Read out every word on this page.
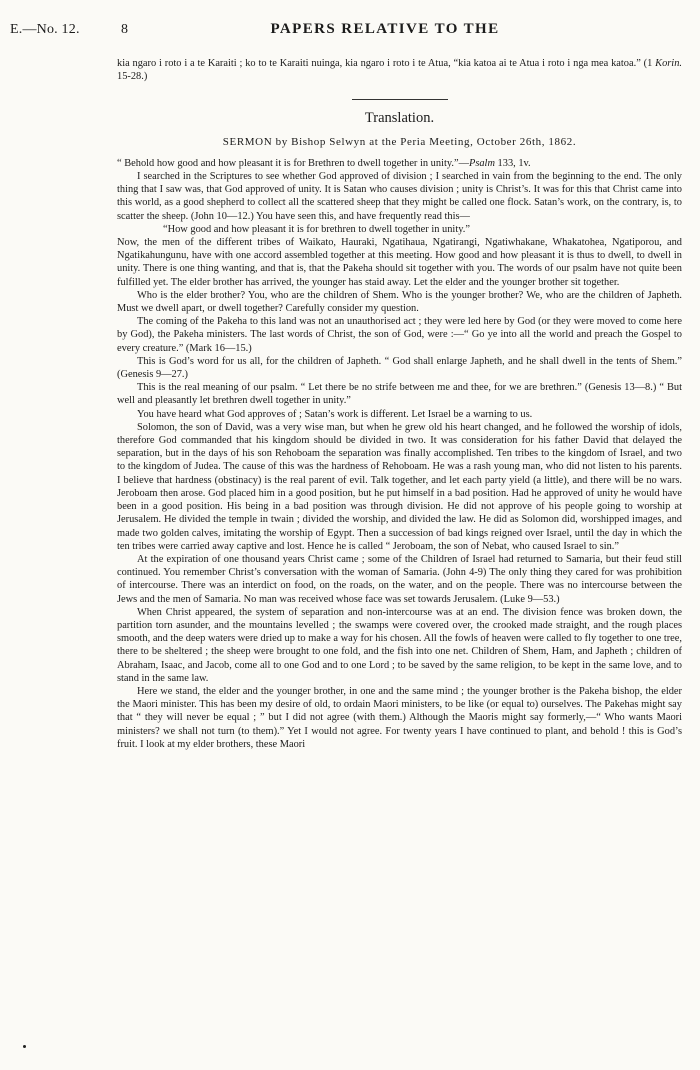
E.—No. 12.	8	PAPERS RELATIVE TO THE

kia ngaro i roto i a te Karaiti ; ko to te Karaiti nuinga, kia ngaro i roto i te Atua, “kia katoa ai te Atua i roto i nga mea katoa.” (1 Korin. 15-28.)

Translation.

SERMON by Bishop Selwyn at the Peria Meeting, October 26th, 1862.

“ Behold how good and how pleasant it is for Brethren to dwell together in unity.”—Psalm 133, 1v.

I searched in the Scriptures to see whether God approved of division ; I searched in vain from the beginning to the end. The only thing that I saw was, that God approved of unity. It is Satan who causes division ; unity is Christ’s. It was for this that Christ came into this world, as a good shepherd to collect all the scattered sheep that they might be called one flock. Satan’s work, on the contrary, is, to scatter the sheep. (John 10—12.) You have seen this, and have frequently read this—

“How good and how pleasant it is for brethren to dwell together in unity.”

Now, the men of the different tribes of Waikato, Hauraki, Ngatihaua, Ngatirangi, Ngatiwhakane, Whakatohea, Ngatiporou, and Ngatikahungunu, have with one accord assembled together at this meeting. How good and how pleasant it is thus to dwell, to dwell in unity. There is one thing wanting, and that is, that the Pakeha should sit together with you. The words of our psalm have not quite been fulfilled yet. The elder brother has arrived, the younger has staid away. Let the elder and the younger brother sit together.

Who is the elder brother? You, who are the children of Shem. Who is the younger brother? We, who are the children of Japheth. Must we dwell apart, or dwell together? Carefully consider my question.

The coming of the Pakeha to this land was not an unauthorised act ; they were led here by God (or they were moved to come here by God), the Pakeha ministers. The last words of Christ, the son of God, were :—“ Go ye into all the world and preach the Gospel to every creature.” (Mark 16—15.)

This is God’s word for us all, for the children of Japheth. “ God shall enlarge Japheth, and he shall dwell in the tents of Shem.” (Genesis 9—27.)

This is the real meaning of our psalm. “ Let there be no strife between me and thee, for we are brethren.” (Genesis 13—8.) “ But well and pleasantly let brethren dwell together in unity.”

You have heard what God approves of ; Satan’s work is different. Let Israel be a warning to us.

Solomon, the son of David, was a very wise man, but when he grew old his heart changed, and he followed the worship of idols, therefore God commanded that his kingdom should be divided in two. It was consideration for his father David that delayed the separation, but in the days of his son Rehoboam the separation was finally accomplished. Ten tribes to the kingdom of Israel, and two to the kingdom of Judea. The cause of this was the hardness of Rehoboam. He was a rash young man, who did not listen to his parents. I believe that hardness (obstinacy) is the real parent of evil. Talk together, and let each party yield (a little), and there will be no wars. Jeroboam then arose. God placed him in a good position, but he put himself in a bad position. Had he approved of unity he would have been in a good position. His being in a bad position was through division. He did not approve of his people going to worship at Jerusalem. He divided the temple in twain ; divided the worship, and divided the law. He did as Solomon did, worshipped images, and made two golden calves, imitating the worship of Egypt. Then a succession of bad kings reigned over Israel, until the day in which the ten tribes were carried away captive and lost. Hence he is called “ Jeroboam, the son of Nebat, who caused Israel to sin.”

At the expiration of one thousand years Christ came ; some of the Children of Israel had returned to Samaria, but their feud still continued. You remember Christ’s conversation with the woman of Samaria. (John 4-9) The only thing they cared for was prohibition of intercourse. There was an interdict on food, on the roads, on the water, and on the people. There was no intercourse between the Jews and the men of Samaria. No man was received whose face was set towards Jerusalem. (Luke 9—53.)

When Christ appeared, the system of separation and non-intercourse was at an end. The division fence was broken down, the partition torn asunder, and the mountains levelled ; the swamps were covered over, the crooked made straight, and the rough places smooth, and the deep waters were dried up to make a way for his chosen. All the fowls of heaven were called to fly together to one tree, there to be sheltered ; the sheep were brought to one fold, and the fish into one net. Children of Shem, Ham, and Japheth ; children of Abraham, Isaac, and Jacob, come all to one God and to one Lord ; to be saved by the same religion, to be kept in the same love, and to stand in the same law.

Here we stand, the elder and the younger brother, in one and the same mind ; the younger brother is the Pakeha bishop, the elder the Maori minister. This has been my desire of old, to ordain Maori ministers, to be like (or equal to) ourselves. The Pakehas might say that “ they will never be equal ; ” but I did not agree (with them.) Although the Maoris might say formerly,—“ Who wants Maori ministers? we shall not turn (to them).” Yet I would not agree. For twenty years I have continued to plant, and behold ! this is God’s fruit. I look at my elder brothers, these Maori
